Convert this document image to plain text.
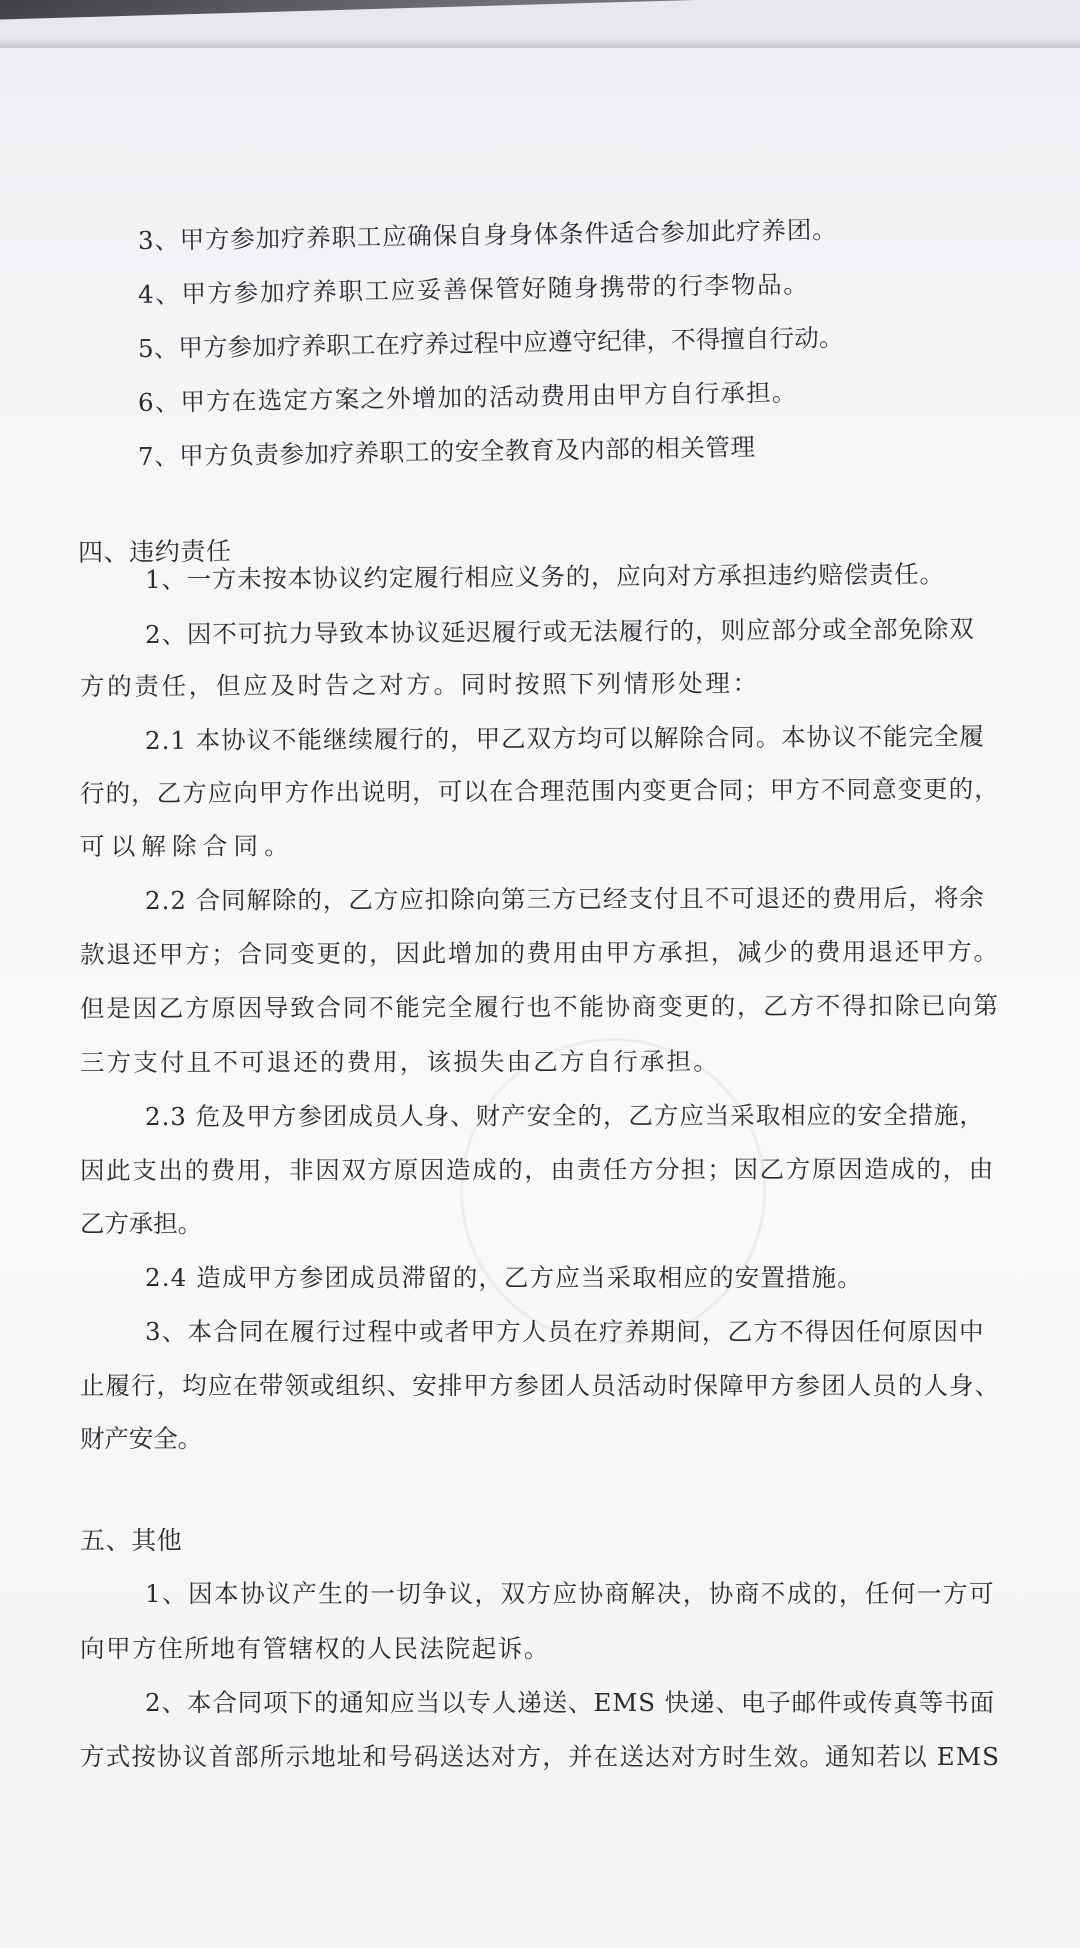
3、甲方参加疗养职工应确保自身身体条件适合参加此疗养团。
4、甲方参加疗养职工应妥善保管好随身携带的行李物品。
5、甲方参加疗养职工在疗养过程中应遵守纪律，不得擅自行动。
6、甲方在选定方案之外增加的活动费用由甲方自行承担。
7、甲方负责参加疗养职工的安全教育及内部的相关管理
四、违约责任
1、一方未按本协议约定履行相应义务的，应向对方承担违约赔偿责任。
2、因不可抗力导致本协议延迟履行或无法履行的，则应部分或全部免除双
方的责任，但应及时告之对方。同时按照下列情形处理：
2.1 本协议不能继续履行的，甲乙双方均可以解除合同。本协议不能完全履
行的，乙方应向甲方作出说明，可以在合理范围内变更合同；甲方不同意变更的，
可以解除合同。
2.2 合同解除的，乙方应扣除向第三方已经支付且不可退还的费用后，将余
款退还甲方；合同变更的，因此增加的费用由甲方承担，减少的费用退还甲方。
但是因乙方原因导致合同不能完全履行也不能协商变更的，乙方不得扣除已向第
三方支付且不可退还的费用，该损失由乙方自行承担。
2.3 危及甲方参团成员人身、财产安全的，乙方应当采取相应的安全措施，
因此支出的费用，非因双方原因造成的，由责任方分担；因乙方原因造成的，由
乙方承担。
2.4 造成甲方参团成员滞留的，乙方应当采取相应的安置措施。
3、本合同在履行过程中或者甲方人员在疗养期间，乙方不得因任何原因中
止履行，均应在带领或组织、安排甲方参团人员活动时保障甲方参团人员的人身、
财产安全。
五、其他
1、因本协议产生的一切争议，双方应协商解决，协商不成的，任何一方可
向甲方住所地有管辖权的人民法院起诉。
2、本合同项下的通知应当以专人递送、EMS 快递、电子邮件或传真等书面
方式按协议首部所示地址和号码送达对方，并在送达对方时生效。通知若以 EMS
